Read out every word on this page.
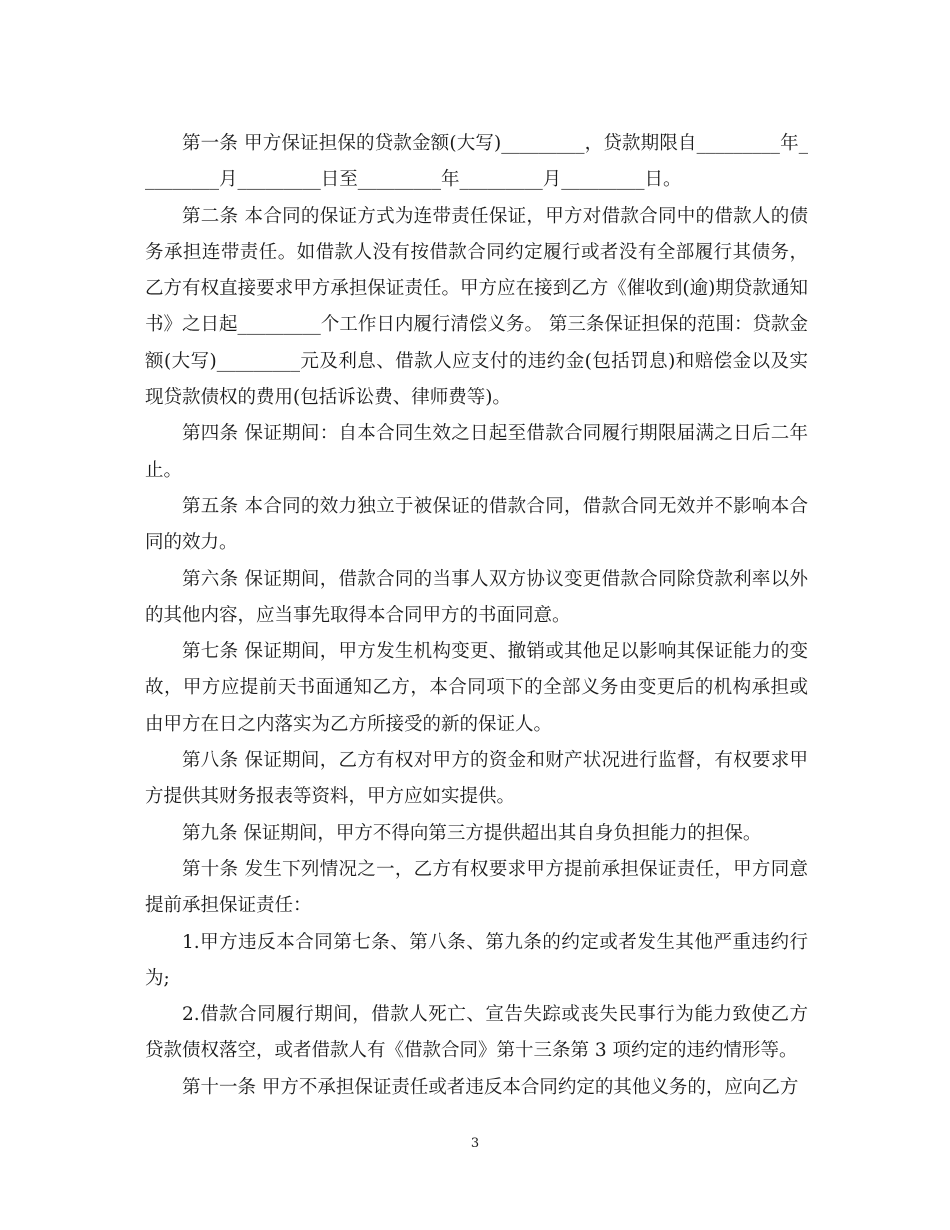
第一条 甲方保证担保的贷款金额(大写)_________，贷款期限自_________年_________月_________日至_________年_________月_________日。

第二条 本合同的保证方式为连带责任保证，甲方对借款合同中的借款人的债务承担连带责任。如借款人没有按借款合同约定履行或者没有全部履行其债务，乙方有权直接要求甲方承担保证责任。甲方应在接到乙方《催收到(逾)期贷款通知书》之日起_________个工作日内履行清偿义务。 第三条保证担保的范围：贷款金额(大写)_________元及利息、借款人应支付的违约金(包括罚息)和赔偿金以及实现贷款债权的费用(包括诉讼费、律师费等)。

第四条 保证期间：自本合同生效之日起至借款合同履行期限届满之日后二年止。

第五条 本合同的效力独立于被保证的借款合同，借款合同无效并不影响本合同的效力。

第六条 保证期间，借款合同的当事人双方协议变更借款合同除贷款利率以外的其他内容，应当事先取得本合同甲方的书面同意。

第七条 保证期间，甲方发生机构变更、撤销或其他足以影响其保证能力的变故，甲方应提前天书面通知乙方，本合同项下的全部义务由变更后的机构承担或由甲方在日之内落实为乙方所接受的新的保证人。

第八条 保证期间，乙方有权对甲方的资金和财产状况进行监督，有权要求甲方提供其财务报表等资料，甲方应如实提供。

第九条 保证期间，甲方不得向第三方提供超出其自身负担能力的担保。

第十条 发生下列情况之一，乙方有权要求甲方提前承担保证责任，甲方同意提前承担保证责任：

1.甲方违反本合同第七条、第八条、第九条的约定或者发生其他严重违约行为;

2.借款合同履行期间，借款人死亡、宣告失踪或丧失民事行为能力致使乙方贷款债权落空，或者借款人有《借款合同》第十三条第 3 项约定的违约情形等。

第十一条 甲方不承担保证责任或者违反本合同约定的其他义务的，应向乙方

3
